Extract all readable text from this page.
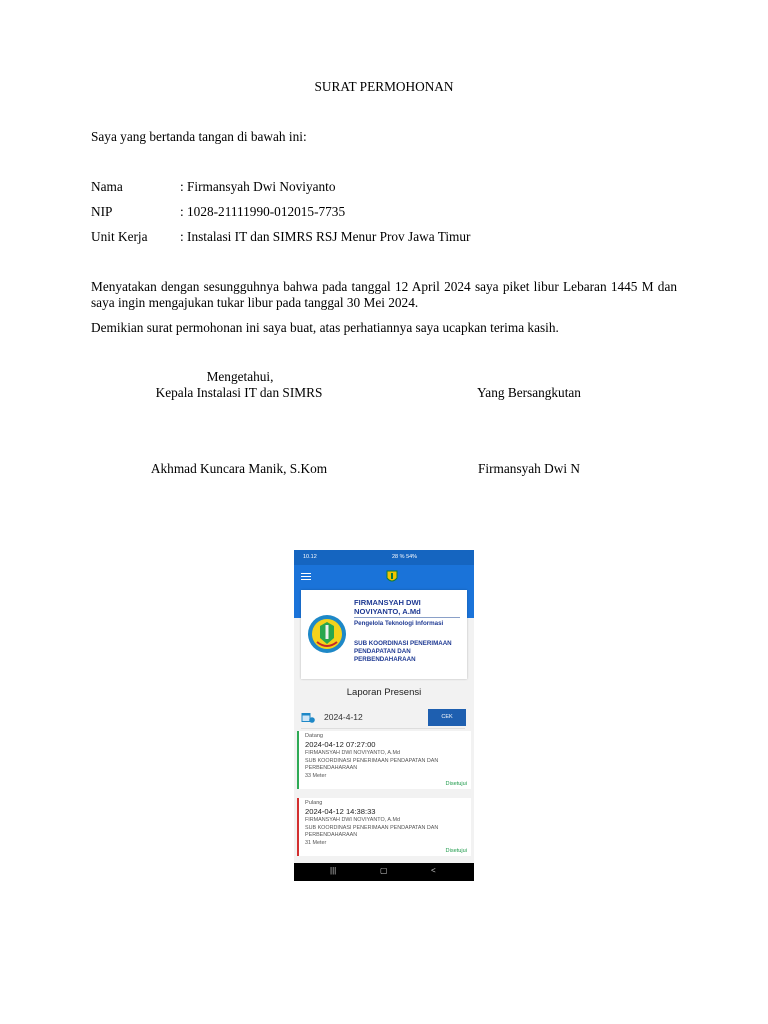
SURAT PERMOHONAN
Saya yang bertanda tangan di bawah ini:
Nama	: Firmansyah Dwi Noviyanto
NIP	: 1028-21111990-012015-7735
Unit Kerja : Instalasi IT dan SIMRS RSJ Menur Prov Jawa Timur
Menyatakan dengan sesungguhnya bahwa pada tanggal 12 April 2024 saya piket libur Lebaran 1445 M dan saya ingin mengajukan tukar libur pada tanggal 30 Mei 2024.
Demikian surat permohonan ini saya buat, atas perhatiannya saya ucapkan terima kasih.
Mengetahui,
Kepala Instalasi IT dan SIMRS	Yang Bersangkutan
Akhmad Kuncara Manik, S.Kom	Firmansyah Dwi N
10.12	28 % 54%
FIRMANSYAH DWI NOVIYANTO, A.Md
Pengelola Teknologi Informasi
SUB KOORDINASI PENERIMAAN PENDAPATAN DAN PERBENDAHARAAN
Laporan Presensi
2024-4-12	CEK
Datang
2024-04-12 07:27:00
FIRMANSYAH DWI NOVIYANTO, A.Md
SUB KOORDINASI PENERIMAAN PENDAPATAN DAN PERBENDAHARAAN
33 Meter
Disetujui
Pulang
2024-04-12 14:38:33
FIRMANSYAH DWI NOVIYANTO, A.Md
SUB KOORDINASI PENERIMAAN PENDAPATAN DAN PERBENDAHARAAN
31 Meter
Disetujui
|||	▢	<
